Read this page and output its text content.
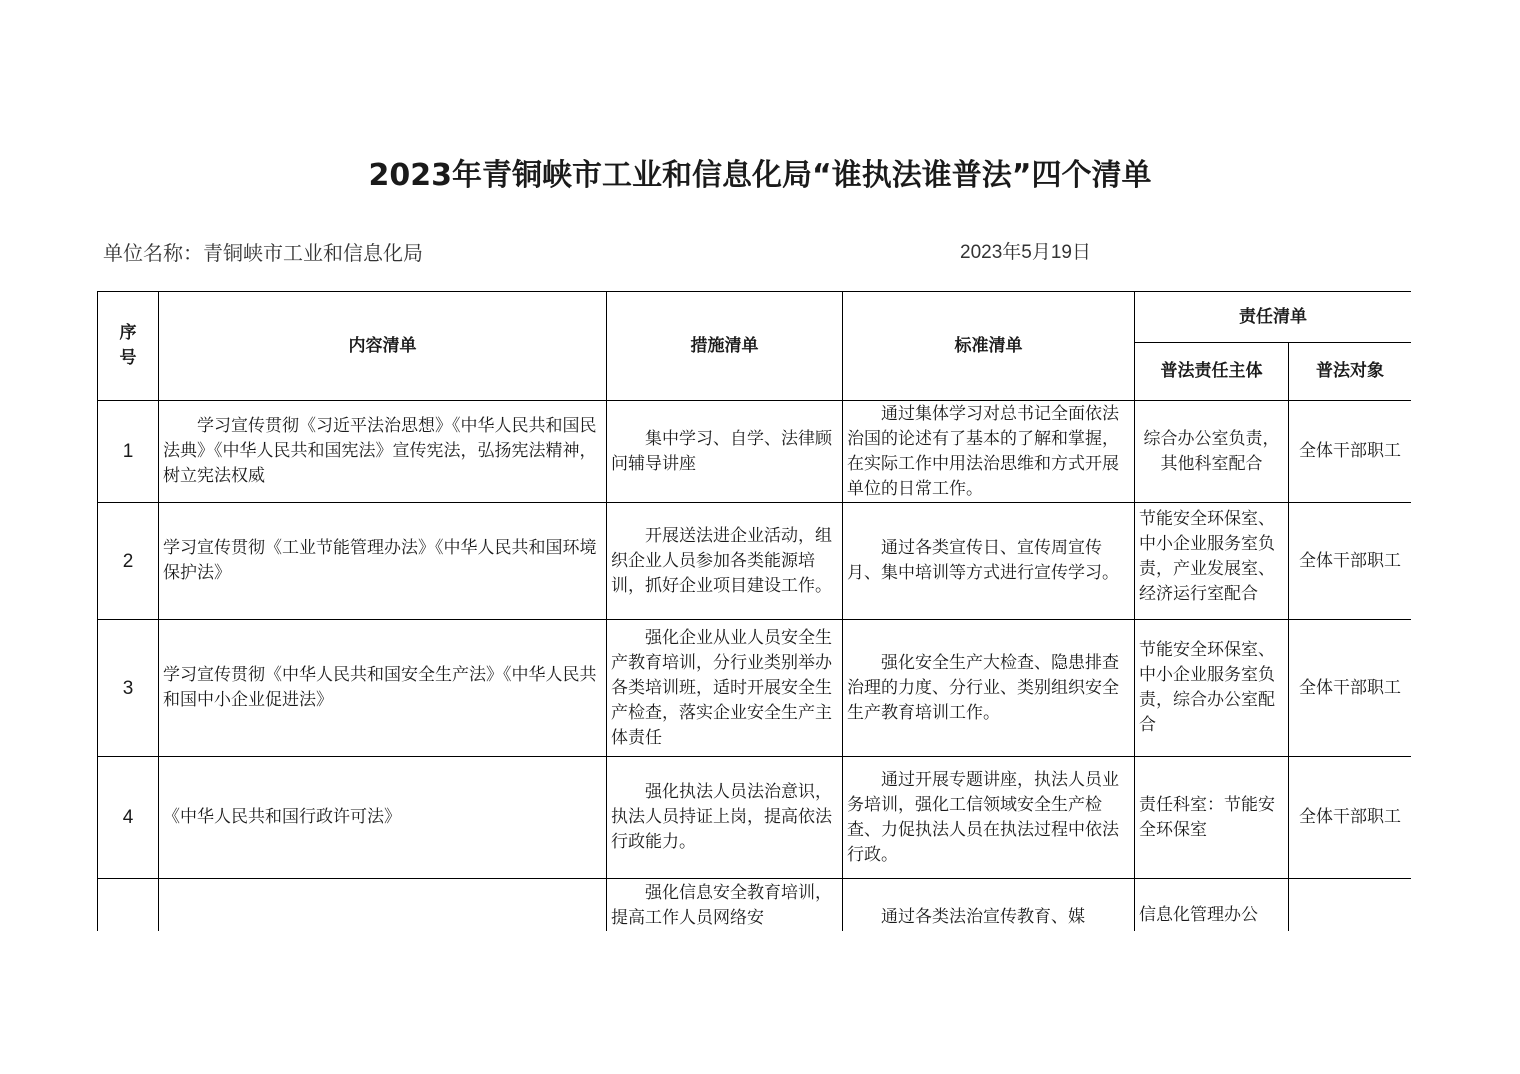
2023年青铜峡市工业和信息化局“谁执法谁普法”四个清单
单位名称：青铜峡市工业和信息化局	2023年5月19日
序号	内容清单	措施清单	标准清单	责任清单	
				普法责任主体	普法对象
1	学习宣传贯彻《习近平法治思想》《中华人民共和国民法典》《中华人民共和国宪法》宣传宪法，弘扬宪法精神，树立宪法权威	集中学习、自学、法律顾问辅导讲座	通过集体学习对总书记全面依法治国的论述有了基本的了解和掌握，在实际工作中用法治思维和方式开展单位的日常工作。	综合办公室负责，其他科室配合	全体干部职工
2	学习宣传贯彻《工业节能管理办法》《中华人民共和国环境保护法》	开展送法进企业活动，组织企业人员参加各类能源培训，抓好企业项目建设工作。	通过各类宣传日、宣传周宣传月、集中培训等方式进行宣传学习。	节能安全环保室、中小企业服务室负责，产业发展室、经济运行室配合	全体干部职工
3	学习宣传贯彻《中华人民共和国安全生产法》《中华人民共和国中小企业促进法》	强化企业从业人员安全生产教育培训，分行业类别举办各类培训班，适时开展安全生产检查，落实企业安全生产主体责任	强化安全生产大检查、隐患排查治理的力度、分行业、类别组织安全生产教育培训工作。	节能安全环保室、中小企业服务室负责，综合办公室配合	全体干部职工
4	《中华人民共和国行政许可法》	强化执法人员法治意识，执法人员持证上岗，提高依法行政能力。	通过开展专题讲座，执法人员业务培训，强化工信领域安全生产检查、力促执法人员在执法过程中依法行政。	责任科室：节能安全环保室	全体干部职工

		强化信息安全教育培训，提高工作人员网络安	通过各类法治宣传教育、媒	信息化管理办公	
